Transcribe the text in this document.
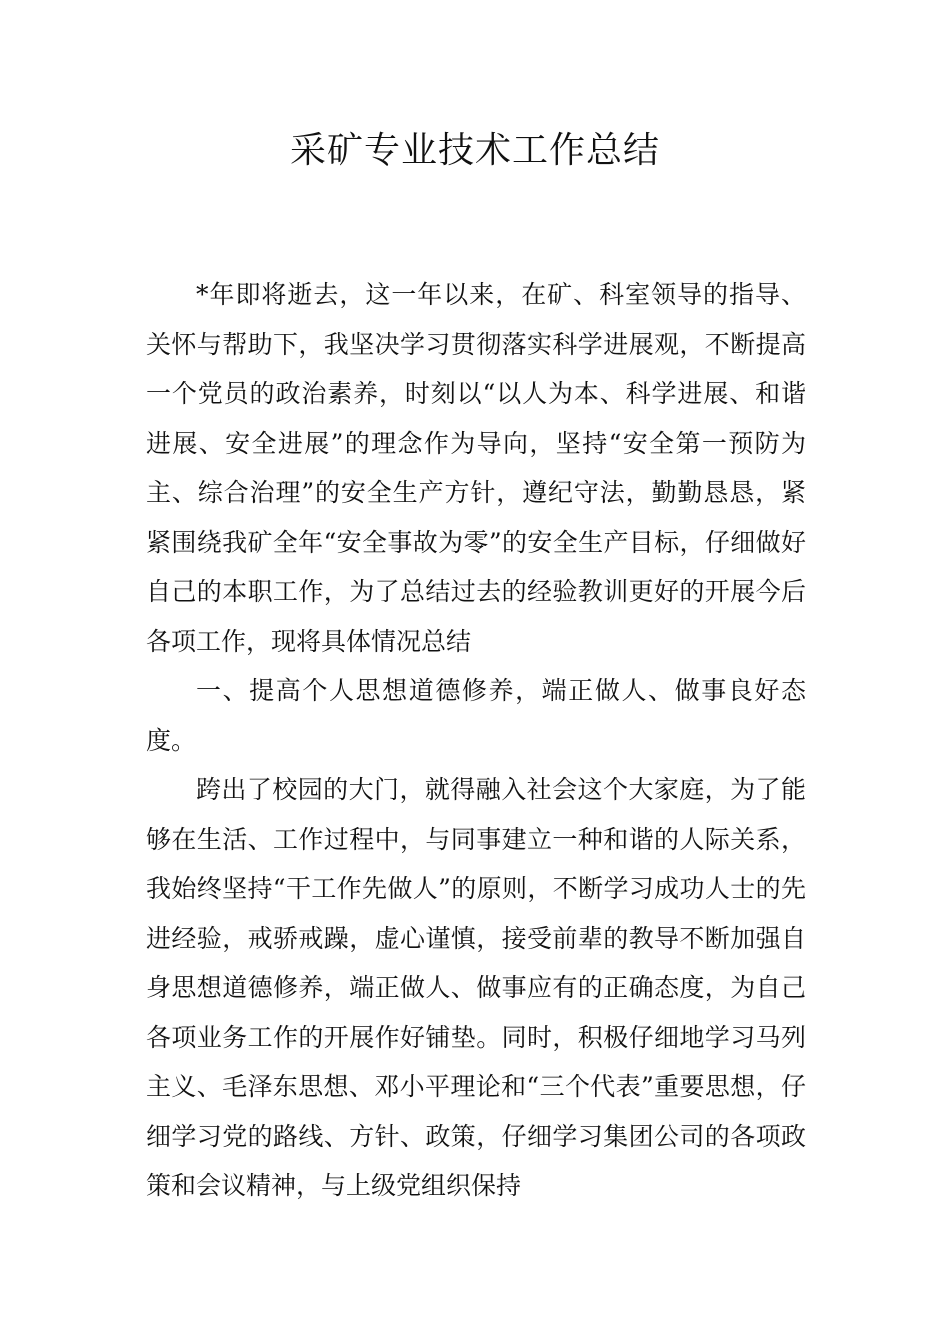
采矿专业技术工作总结

*年即将逝去，这一年以来，在矿、科室领导的指导、关怀与帮助下，我坚决学习贯彻落实科学进展观，不断提高一个党员的政治素养，时刻以“以人为本、科学进展、和谐进展、安全进展”的理念作为导向，坚持“安全第一预防为主、综合治理”的安全生产方针，遵纪守法，勤勤恳恳，紧紧围绕我矿全年“安全事故为零”的安全生产目标，仔细做好自己的本职工作，为了总结过去的经验教训更好的开展今后各项工作，现将具体情况总结

一、提高个人思想道德修养，端正做人、做事良好态度。

跨出了校园的大门，就得融入社会这个大家庭，为了能够在生活、工作过程中，与同事建立一种和谐的人际关系，我始终坚持“干工作先做人”的原则，不断学习成功人士的先进经验，戒骄戒躁，虚心谨慎，接受前辈的教导不断加强自身思想道德修养，端正做人、做事应有的正确态度，为自己各项业务工作的开展作好铺垫。同时，积极仔细地学习马列主义、毛泽东思想、邓小平理论和“三个代表”重要思想，仔细学习党的路线、方针、政策，仔细学习集团公司的各项政策和会议精神，与上级党组织保持
